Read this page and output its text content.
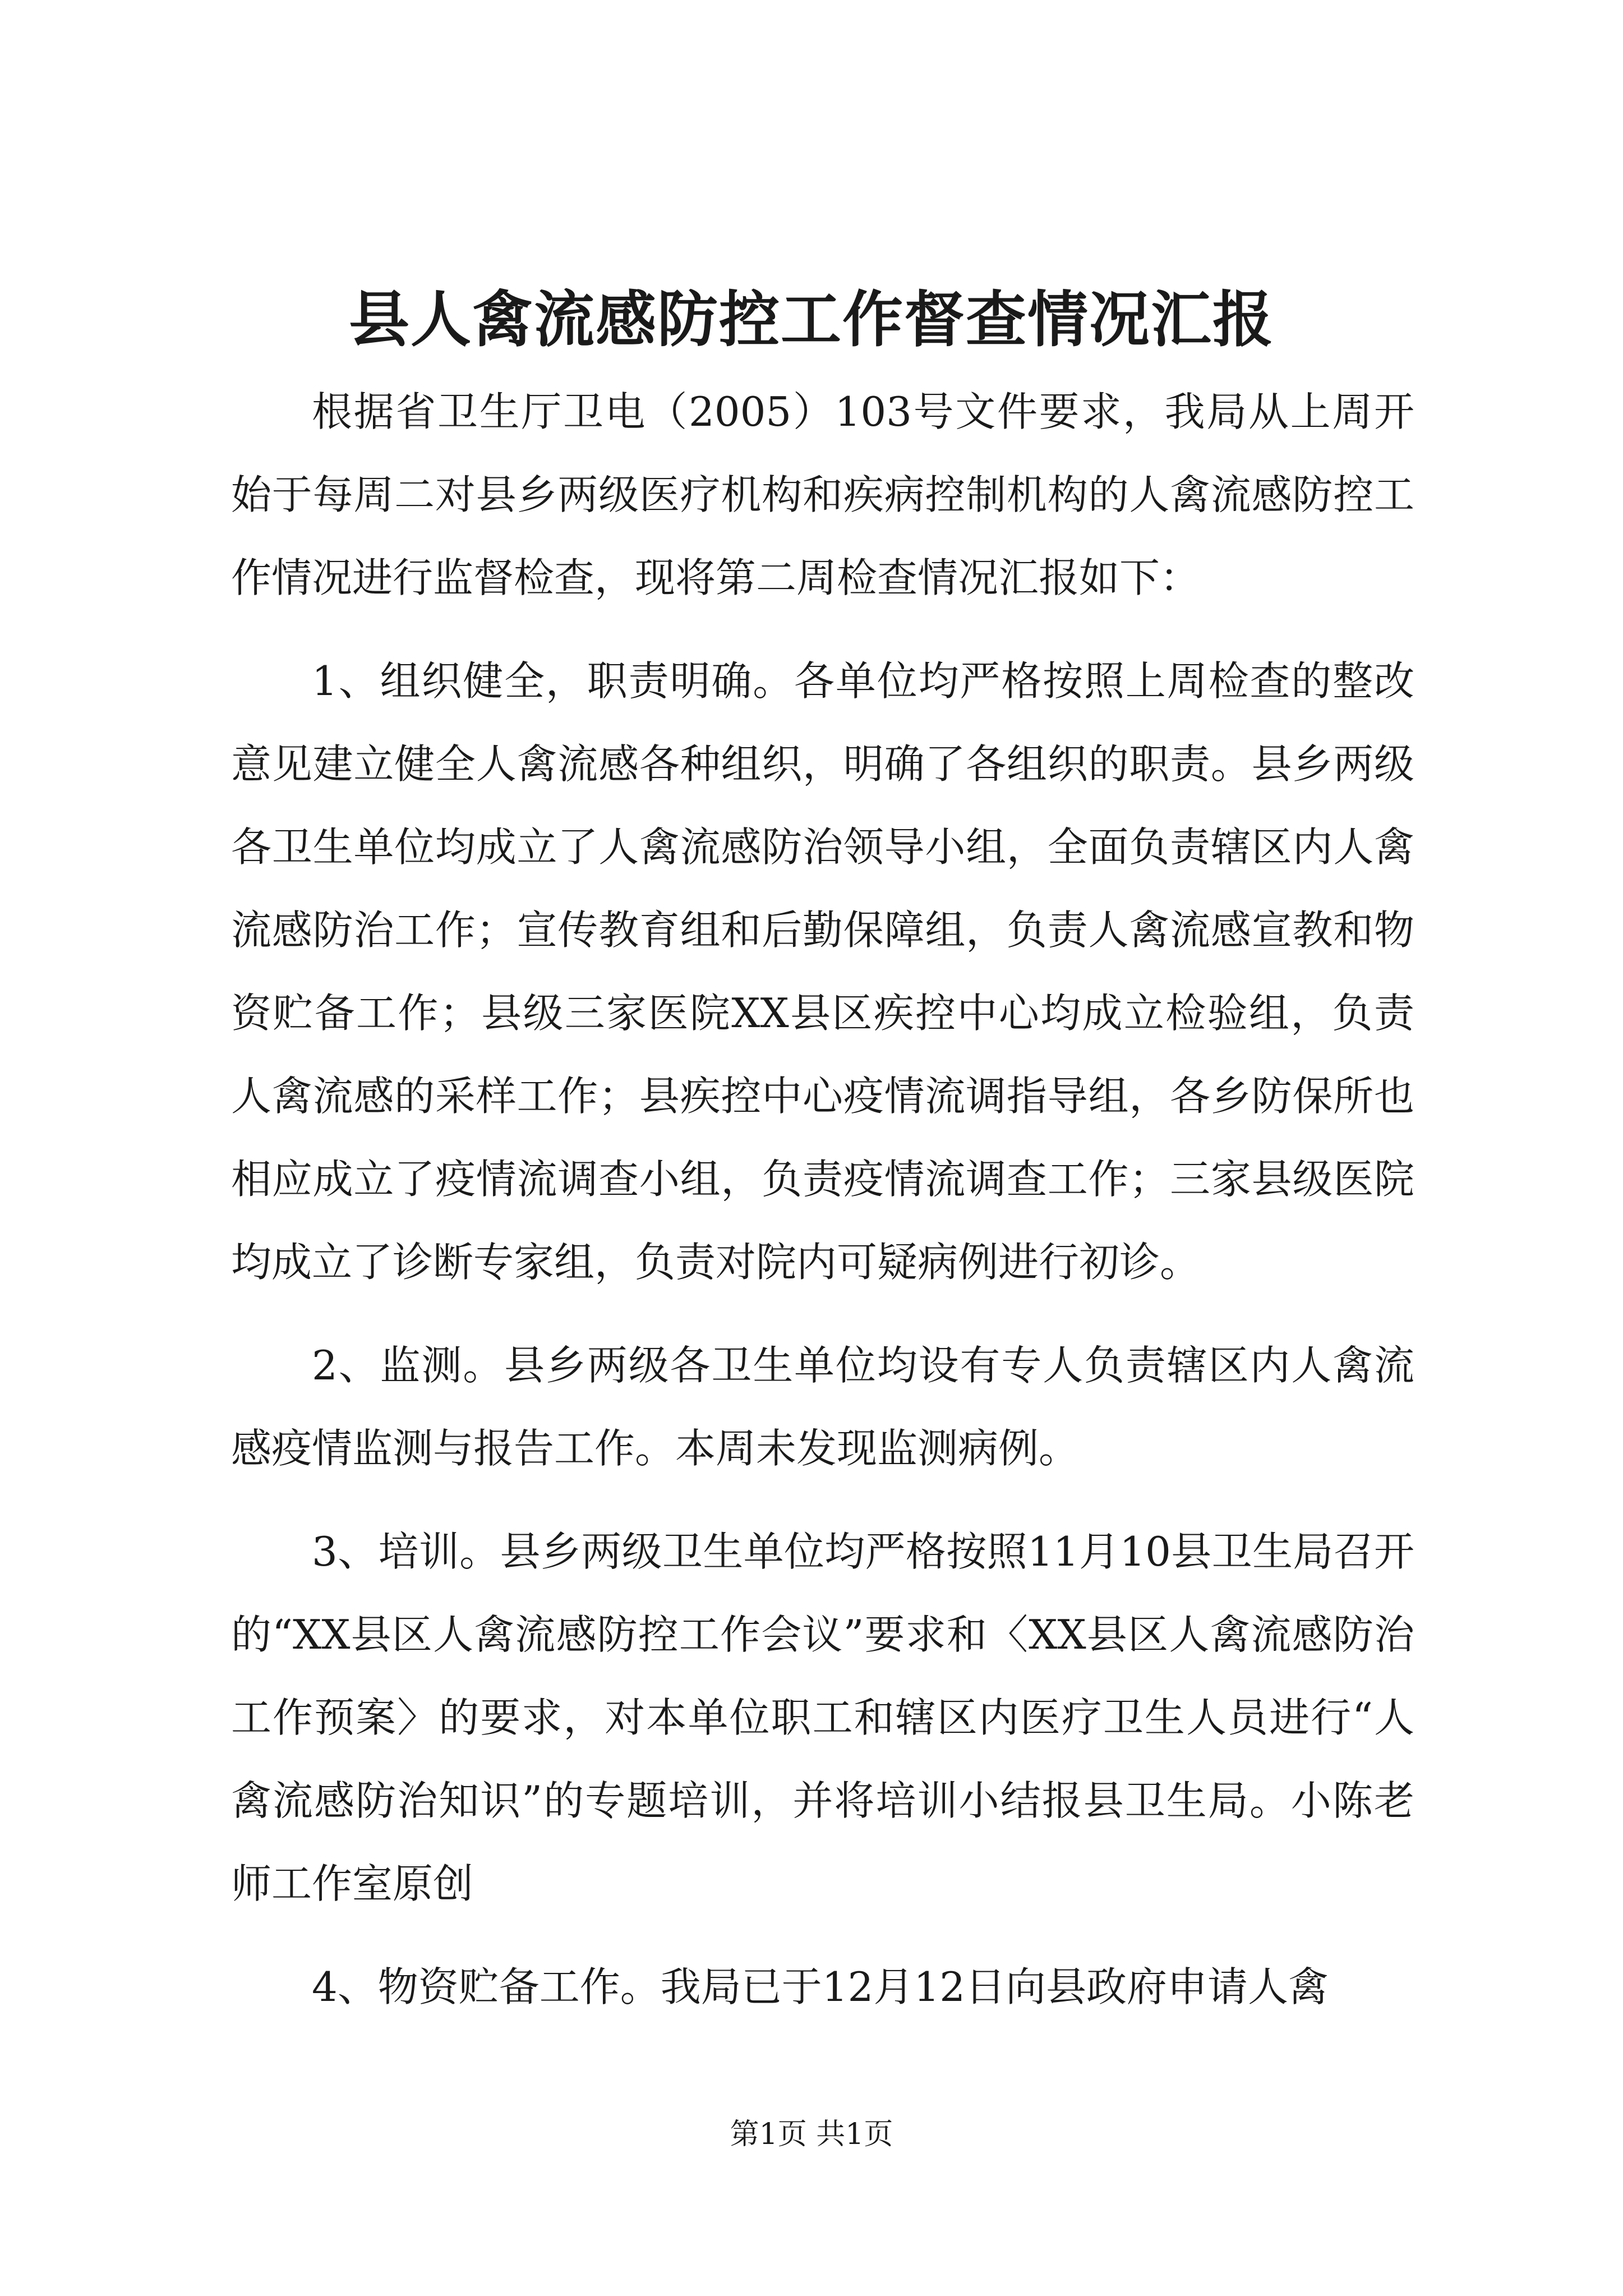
县人禽流感防控工作督查情况汇报

根据省卫生厅卫电（2005）103号文件要求，我局从上周开始于每周二对县乡两级医疗机构和疾病控制机构的人禽流感防控工作情况进行监督检查，现将第二周检查情况汇报如下：

1、组织健全，职责明确。各单位均严格按照上周检查的整改意见建立健全人禽流感各种组织，明确了各组织的职责。县乡两级各卫生单位均成立了人禽流感防治领导小组，全面负责辖区内人禽流感防治工作；宣传教育组和后勤保障组，负责人禽流感宣教和物资贮备工作；县级三家医院XX县区疾控中心均成立检验组，负责人禽流感的采样工作；县疾控中心疫情流调指导组，各乡防保所也相应成立了疫情流调查小组，负责疫情流调查工作；三家县级医院均成立了诊断专家组，负责对院内可疑病例进行初诊。

2、监测。县乡两级各卫生单位均设有专人负责辖区内人禽流感疫情监测与报告工作。本周未发现监测病例。

3、培训。县乡两级卫生单位均严格按照11月10县卫生局召开的“XX县区人禽流感防控工作会议”要求和〈XX县区人禽流感防治工作预案〉的要求，对本单位职工和辖区内医疗卫生人员进行“人禽流感防治知识”的专题培训，并将培训小结报县卫生局。小陈老师工作室原创

4、物资贮备工作。我局已于12月12日向县政府申请人禽

第1页 共1页
